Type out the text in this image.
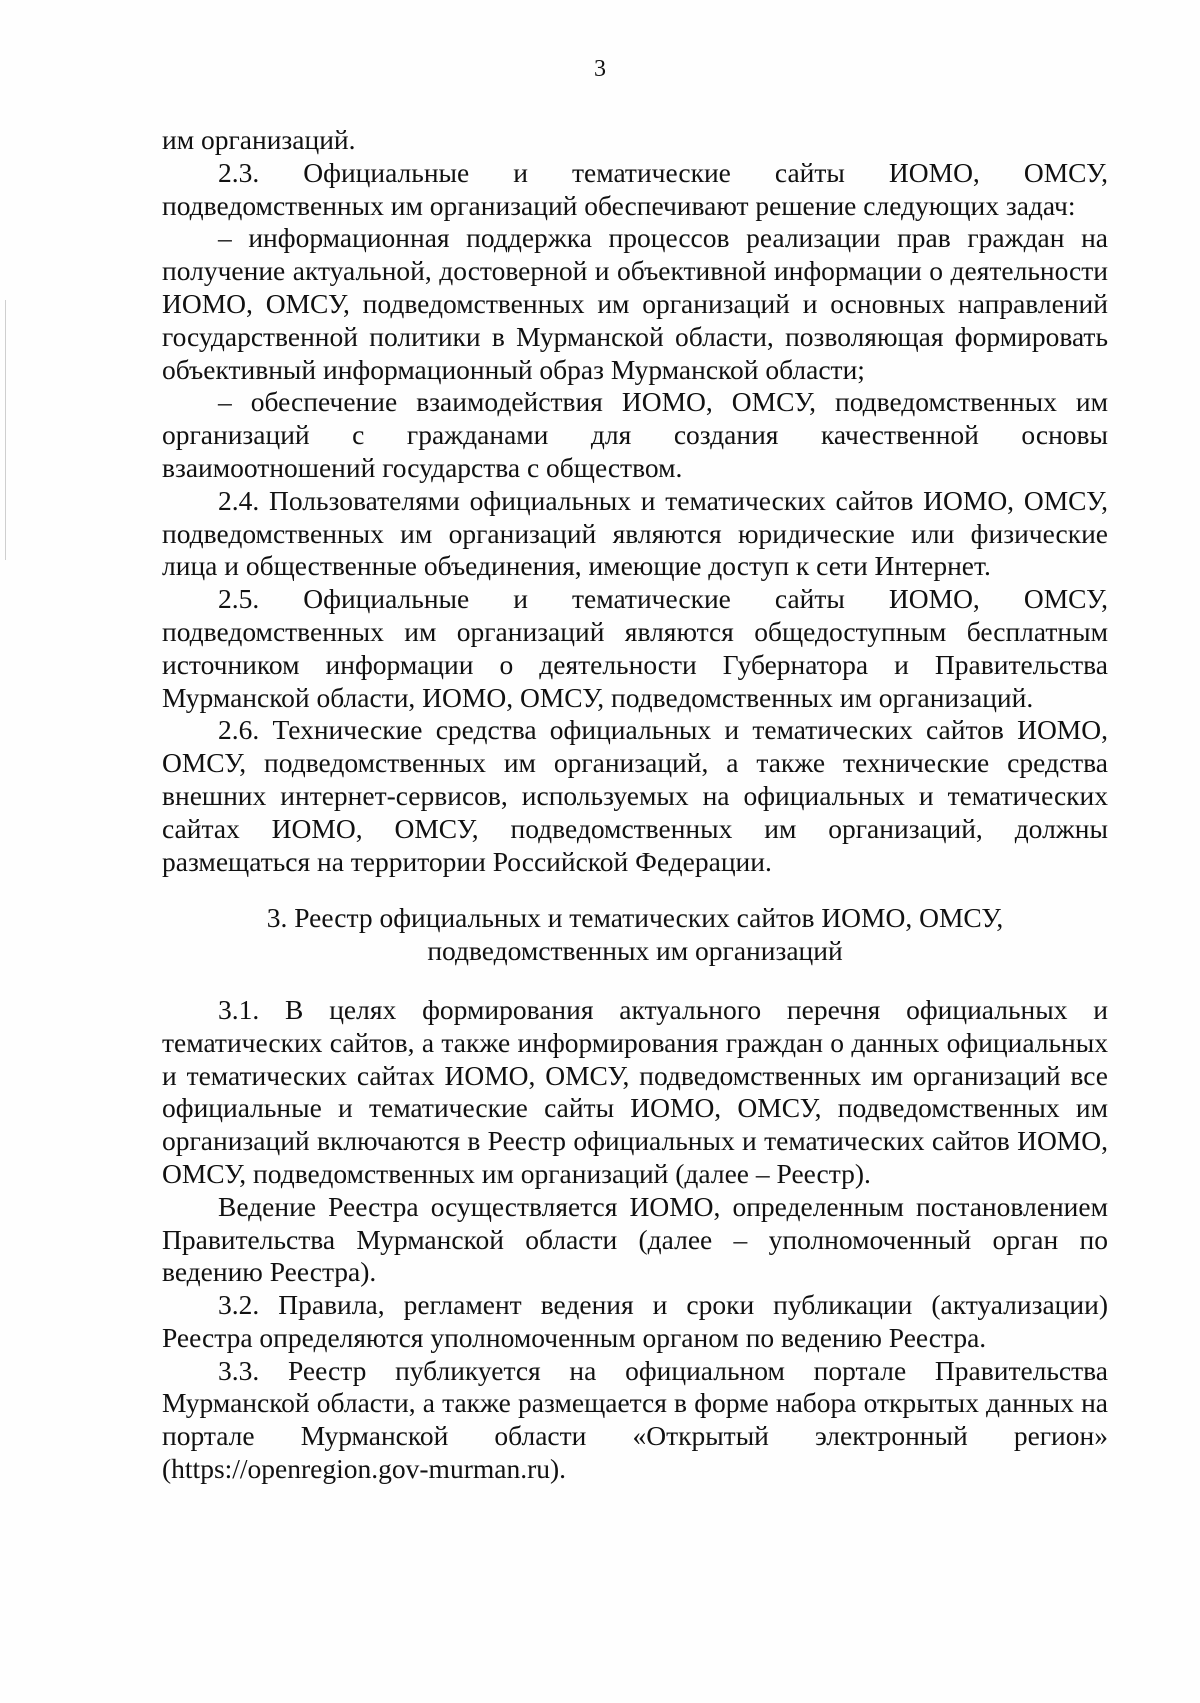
3

им организаций.

2.3. Официальные и тематические сайты ИОМО, ОМСУ, подведомственных им организаций обеспечивают решение следующих задач:

– информационная поддержка процессов реализации прав граждан на получение актуальной, достоверной и объективной информации о деятельности ИОМО, ОМСУ, подведомственных им организаций и основных направлений государственной политики в Мурманской области, позволяющая формировать объективный информационный образ Мурманской области;

– обеспечение взаимодействия ИОМО, ОМСУ, подведомственных им организаций с гражданами для создания качественной основы взаимоотношений государства с обществом.

2.4. Пользователями официальных и тематических сайтов ИОМО, ОМСУ, подведомственных им организаций являются юридические или физические лица и общественные объединения, имеющие доступ к сети Интернет.

2.5. Официальные и тематические сайты ИОМО, ОМСУ, подведомственных им организаций являются общедоступным бесплатным источником информации о деятельности Губернатора и Правительства Мурманской области, ИОМО, ОМСУ, подведомственных им организаций.

2.6. Технические средства официальных и тематических сайтов ИОМО, ОМСУ, подведомственных им организаций, а также технические средства внешних интернет-сервисов, используемых на официальных и тематических сайтах ИОМО, ОМСУ, подведомственных им организаций, должны размещаться на территории Российской Федерации.

3. Реестр официальных и тематических сайтов ИОМО, ОМСУ,
подведомственных им организаций

3.1. В целях формирования актуального перечня официальных и тематических сайтов, а также информирования граждан о данных официальных и тематических сайтах ИОМО, ОМСУ, подведомственных им организаций все официальные и тематические сайты ИОМО, ОМСУ, подведомственных им организаций включаются в Реестр официальных и тематических сайтов ИОМО, ОМСУ, подведомственных им организаций (далее – Реестр).

Ведение Реестра осуществляется ИОМО, определенным постановлением Правительства Мурманской области (далее – уполномоченный орган по ведению Реестра).

3.2. Правила, регламент ведения и сроки публикации (актуализации) Реестра определяются уполномоченным органом по ведению Реестра.

3.3. Реестр публикуется на официальном портале Правительства Мурманской области, а также размещается в форме набора открытых данных на портале Мурманской области «Открытый электронный регион» (https://openregion.gov-murman.ru).
